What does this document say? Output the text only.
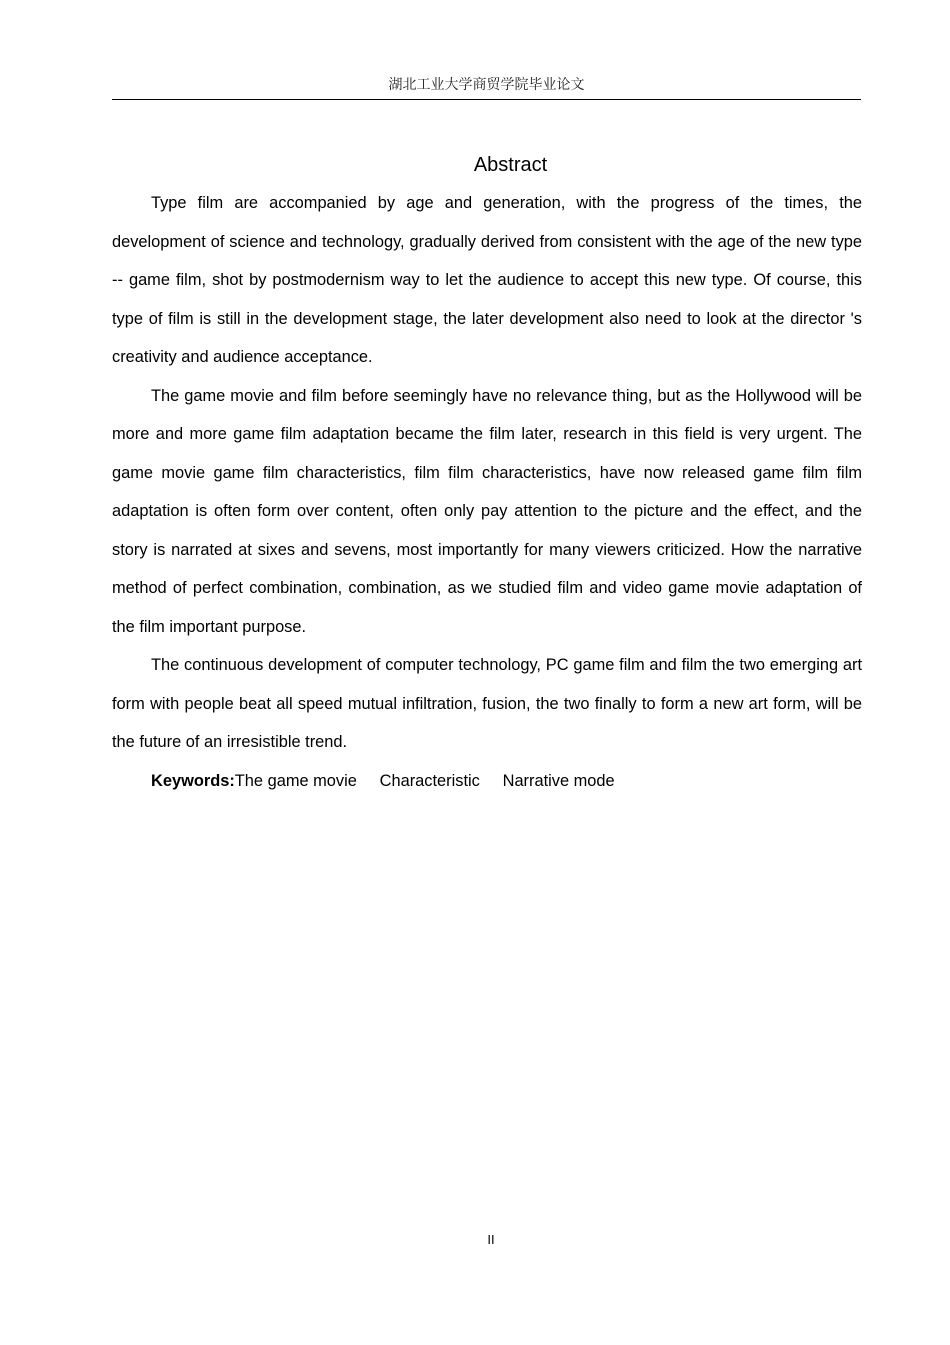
湖北工业大学商贸学院毕业论文
Abstract

Type film are accompanied by age and generation, with the progress of the times, the development of science and technology, gradually derived from consistent with the age of the new type -- game film, shot by postmodernism way to let the audience to accept this new type. Of course, this type of film is still in the development stage, the later development also need to look at the director 's creativity and audience acceptance.

The game movie and film before seemingly have no relevance thing, but as the Hollywood will be more and more game film adaptation became the film later, research in this field is very urgent. The game movie game film characteristics, film film characteristics, have now released game film film adaptation is often form over content, often only pay attention to the picture and the effect, and the story is narrated at sixes and sevens, most importantly for many viewers criticized. How the narrative method of perfect combination, combination, as we studied film and video game movie adaptation of the film important purpose.

The continuous development of computer technology, PC game film and film the two emerging art form with people beat all speed mutual infiltration, fusion, the two finally to form a new art form, will be the future of an irresistible trend.

Keywords:The game movie     Characteristic     Narrative mode

II
